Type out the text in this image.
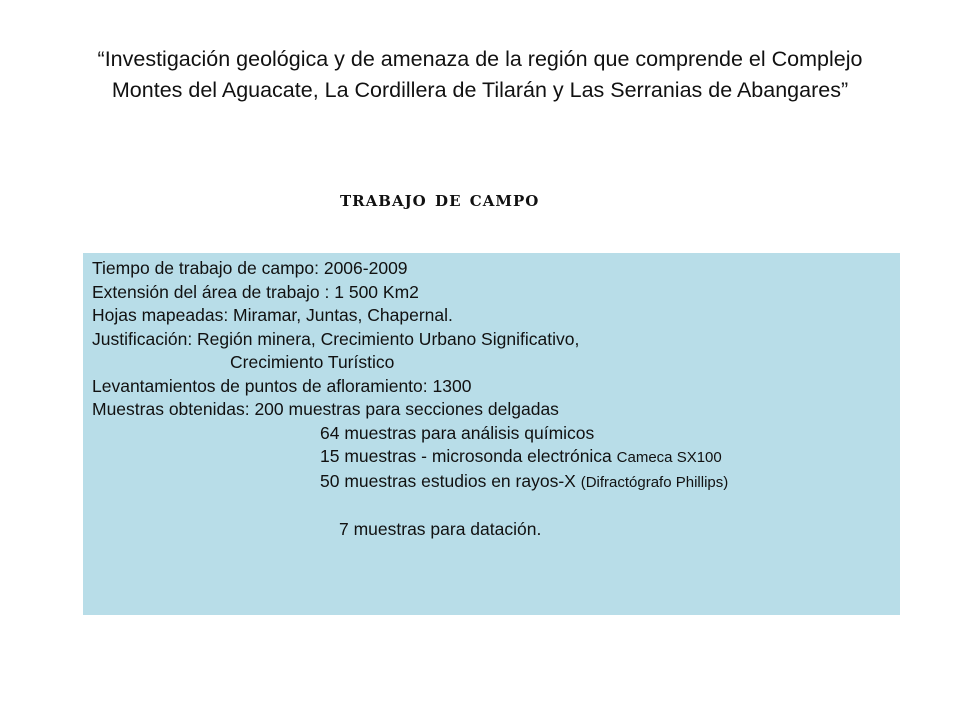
“Investigación geológica y de amenaza de la región que comprende el Complejo Montes del Aguacate, La Cordillera de Tilarán y Las Serranias de Abangares”
trabajo de campo
Tiempo de trabajo de campo: 2006-2009
Extensión del área de trabajo : 1 500 Km2
Hojas mapeadas: Miramar, Juntas, Chapernal.
Justificación: Región minera, Crecimiento Urbano Significativo,
Crecimiento Turístico
Levantamientos de puntos de afloramiento: 1300
Muestras obtenidas: 200 muestras para secciones delgadas
64 muestras para análisis químicos
15 muestras - microsonda electrónica Cameca SX100
50 muestras estudios en rayos-X (Difractógrafo Phillips)
7 muestras para datación.
